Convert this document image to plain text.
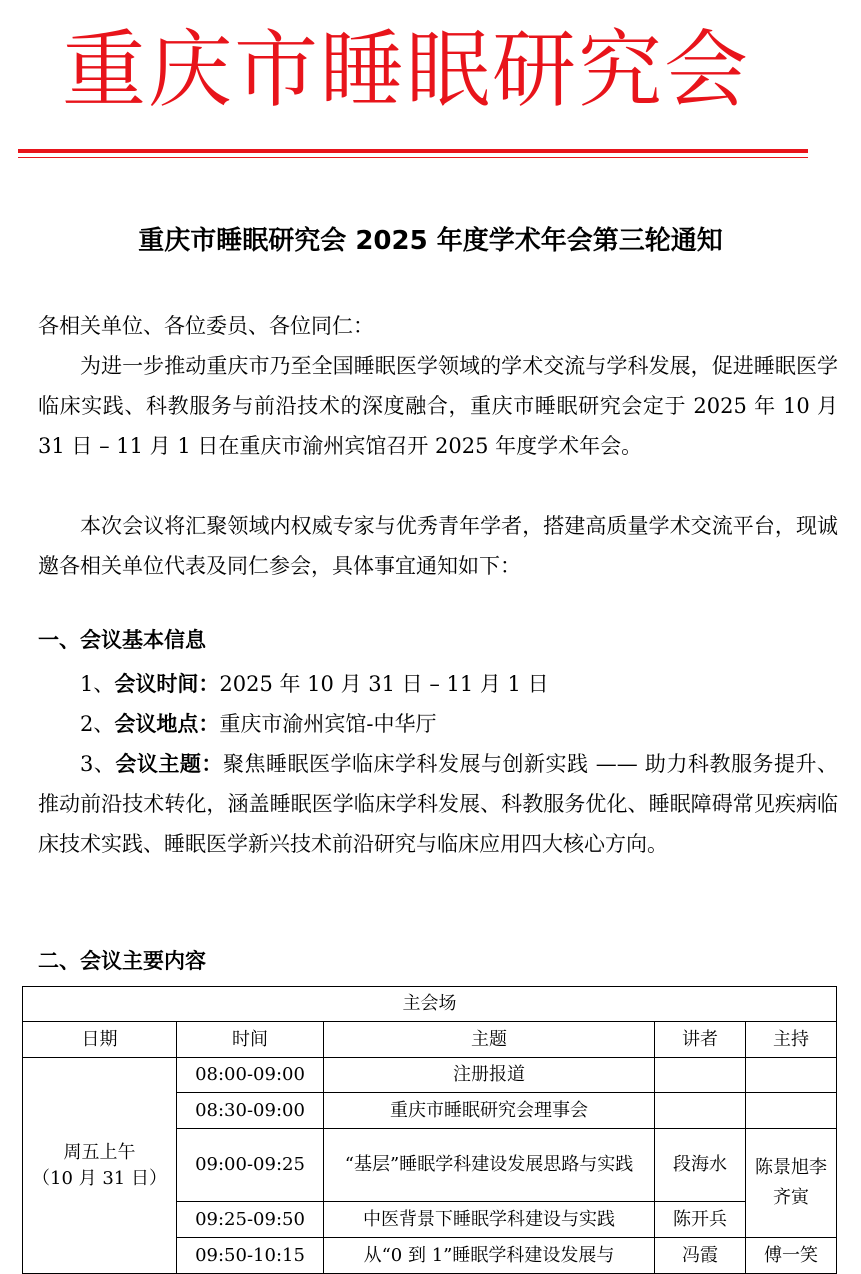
重庆市睡眠研究会
重庆市睡眠研究会 2025 年度学术年会第三轮通知
各相关单位、各位委员、各位同仁：
为进一步推动重庆市乃至全国睡眠医学领域的学术交流与学科发展，促进睡眠医学临床实践、科教服务与前沿技术的深度融合，重庆市睡眠研究会定于 2025 年 10 月 31 日 – 11 月 1 日在重庆市渝州宾馆召开 2025 年度学术年会。
本次会议将汇聚领域内权威专家与优秀青年学者，搭建高质量学术交流平台，现诚邀各相关单位代表及同仁参会，具体事宜通知如下：
一、会议基本信息
1、会议时间：2025 年 10 月 31 日 – 11 月 1 日
2、会议地点：重庆市渝州宾馆-中华厅
3、会议主题：聚焦睡眠医学临床学科发展与创新实践 —— 助力科教服务提升、推动前沿技术转化，涵盖睡眠医学临床学科发展、科教服务优化、睡眠障碍常见疾病临床技术实践、睡眠医学新兴技术前沿研究与临床应用四大核心方向。
二、会议主要内容
主会场				
日期	时间	主题	讲者	主持

周五上午
（10 月 31 日）	08:00-09:00	注册报道		
	08:30-09:00	重庆市睡眠研究会理事会		
	09:00-09:25	“基层”睡眠学科建设发展思路与实践	段海水	陈景旭李齐寅
	09:25-09:50	中医背景下睡眠学科建设与实践	陈开兵	
	09:50-10:15	从“0 到 1”睡眠学科建设发展与	冯霞	傅一笑
